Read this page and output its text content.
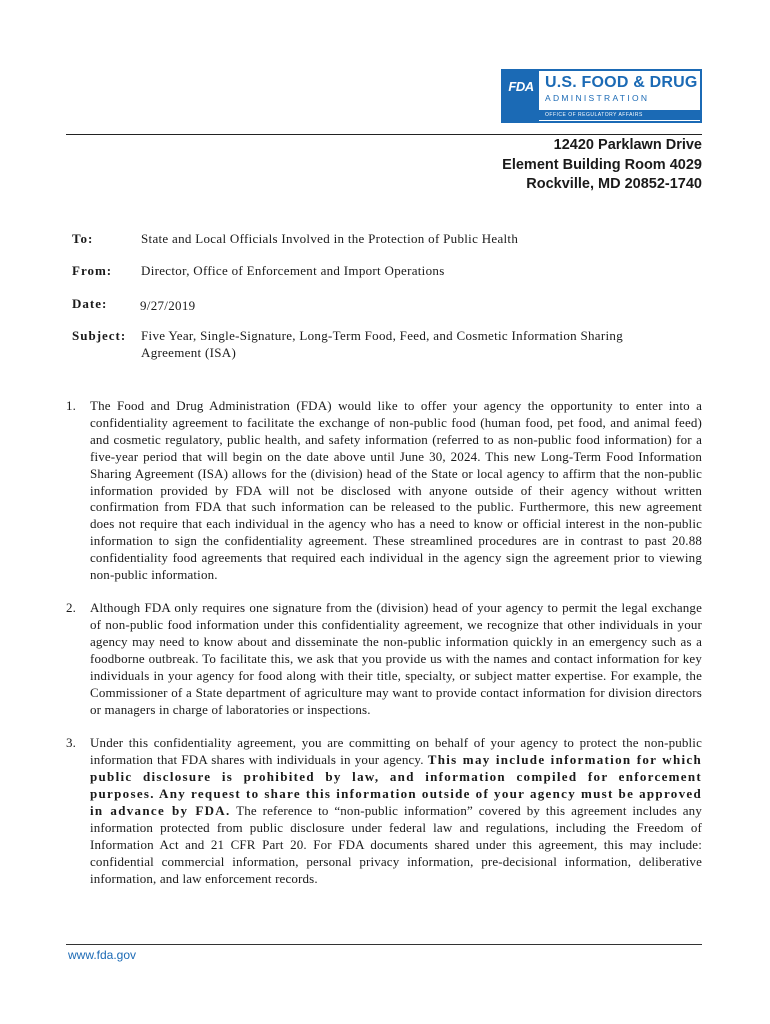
FDA U.S. FOOD & DRUG
ADMINISTRATION
OFFICE OF REGULATORY AFFAIRS
12420 Parklawn Drive
Element Building Room 4029
Rockville, MD 20852-1740
To:	State and Local Officials Involved in the Protection of Public Health
From: Director, Office of Enforcement and Import Operations
Date:	9/27/2019
Subject: Five Year, Single-Signature, Long-Term Food, Feed, and Cosmetic Information Sharing
Agreement (ISA)
1.	The Food and Drug Administration (FDA) would like to offer your agency the opportunity to enter into a confidentiality agreement to facilitate the exchange of non-public food (human food, pet food, and animal feed) and cosmetic regulatory, public health, and safety information (referred to as non-public food information) for a five-year period that will begin on the date above until June 30, 2024. This new Long-Term Food Information Sharing Agreement (ISA) allows for the (division) head of the State or local agency to affirm that the non-public information provided by FDA will not be disclosed with anyone outside of their agency without written confirmation from FDA that such information can be released to the public. Furthermore, this new agreement does not require that each individual in the agency who has a need to know or official interest in the non-public information to sign the confidentiality agreement. These streamlined procedures are in contrast to past 20.88 confidentiality food agreements that required each individual in the agency sign the agreement prior to viewing non-public information.
2.	Although FDA only requires one signature from the (division) head of your agency to permit the legal exchange of non-public food information under this confidentiality agreement, we recognize that other individuals in your agency may need to know about and disseminate the non-public information quickly in an emergency such as a foodborne outbreak. To facilitate this, we ask that you provide us with the names and contact information for key individuals in your agency for food along with their title, specialty, or subject matter expertise. For example, the Commissioner of a State department of agriculture may want to provide contact information for division directors or managers in charge of laboratories or inspections.
3.	Under this confidentiality agreement, you are committing on behalf of your agency to protect the non-public information that FDA shares with individuals in your agency. This may include information for which public disclosure is prohibited by law, and information compiled for enforcement purposes. Any request to share this information outside of your agency must be approved in advance by FDA. The reference to “non-public information” covered by this agreement includes any information protected from public disclosure under federal law and regulations, including the Freedom of Information Act and 21 CFR Part 20. For FDA documents shared under this agreement, this may include: confidential commercial information, personal privacy information, pre-decisional information, deliberative information, and law enforcement records.
www.fda.gov
